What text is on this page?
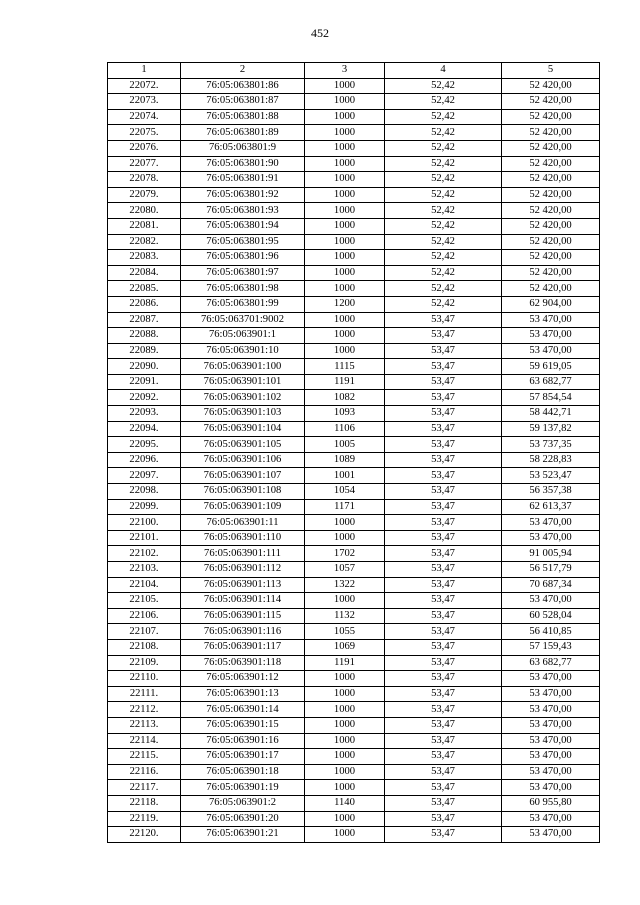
452
1	2	3	4	5
22072.	76:05:063801:86	1000	52,42	52 420,00
22073.	76:05:063801:87	1000	52,42	52 420,00
22074.	76:05:063801:88	1000	52,42	52 420,00
22075.	76:05:063801:89	1000	52,42	52 420,00
22076.	76:05:063801:9	1000	52,42	52 420,00
22077.	76:05:063801:90	1000	52,42	52 420,00
22078.	76:05:063801:91	1000	52,42	52 420,00
22079.	76:05:063801:92	1000	52,42	52 420,00
22080.	76:05:063801:93	1000	52,42	52 420,00
22081.	76:05:063801:94	1000	52,42	52 420,00
22082.	76:05:063801:95	1000	52,42	52 420,00
22083.	76:05:063801:96	1000	52,42	52 420,00
22084.	76:05:063801:97	1000	52,42	52 420,00
22085.	76:05:063801:98	1000	52,42	52 420,00
22086.	76:05:063801:99	1200	52,42	62 904,00
22087.	76:05:063701:9002	1000	53,47	53 470,00
22088.	76:05:063901:1	1000	53,47	53 470,00
22089.	76:05:063901:10	1000	53,47	53 470,00
22090.	76:05:063901:100	1115	53,47	59 619,05
22091.	76:05:063901:101	1191	53,47	63 682,77
22092.	76:05:063901:102	1082	53,47	57 854,54
22093.	76:05:063901:103	1093	53,47	58 442,71
22094.	76:05:063901:104	1106	53,47	59 137,82
22095.	76:05:063901:105	1005	53,47	53 737,35
22096.	76:05:063901:106	1089	53,47	58 228,83
22097.	76:05:063901:107	1001	53,47	53 523,47
22098.	76:05:063901:108	1054	53,47	56 357,38
22099.	76:05:063901:109	1171	53,47	62 613,37
22100.	76:05:063901:11	1000	53,47	53 470,00
22101.	76:05:063901:110	1000	53,47	53 470,00
22102.	76:05:063901:111	1702	53,47	91 005,94
22103.	76:05:063901:112	1057	53,47	56 517,79
22104.	76:05:063901:113	1322	53,47	70 687,34
22105.	76:05:063901:114	1000	53,47	53 470,00
22106.	76:05:063901:115	1132	53,47	60 528,04
22107.	76:05:063901:116	1055	53,47	56 410,85
22108.	76:05:063901:117	1069	53,47	57 159,43
22109.	76:05:063901:118	1191	53,47	63 682,77
22110.	76:05:063901:12	1000	53,47	53 470,00
22111.	76:05:063901:13	1000	53,47	53 470,00
22112.	76:05:063901:14	1000	53,47	53 470,00
22113.	76:05:063901:15	1000	53,47	53 470,00
22114.	76:05:063901:16	1000	53,47	53 470,00
22115.	76:05:063901:17	1000	53,47	53 470,00
22116.	76:05:063901:18	1000	53,47	53 470,00
22117.	76:05:063901:19	1000	53,47	53 470,00
22118.	76:05:063901:2	1140	53,47	60 955,80
22119.	76:05:063901:20	1000	53,47	53 470,00
22120.	76:05:063901:21	1000	53,47	53 470,00
